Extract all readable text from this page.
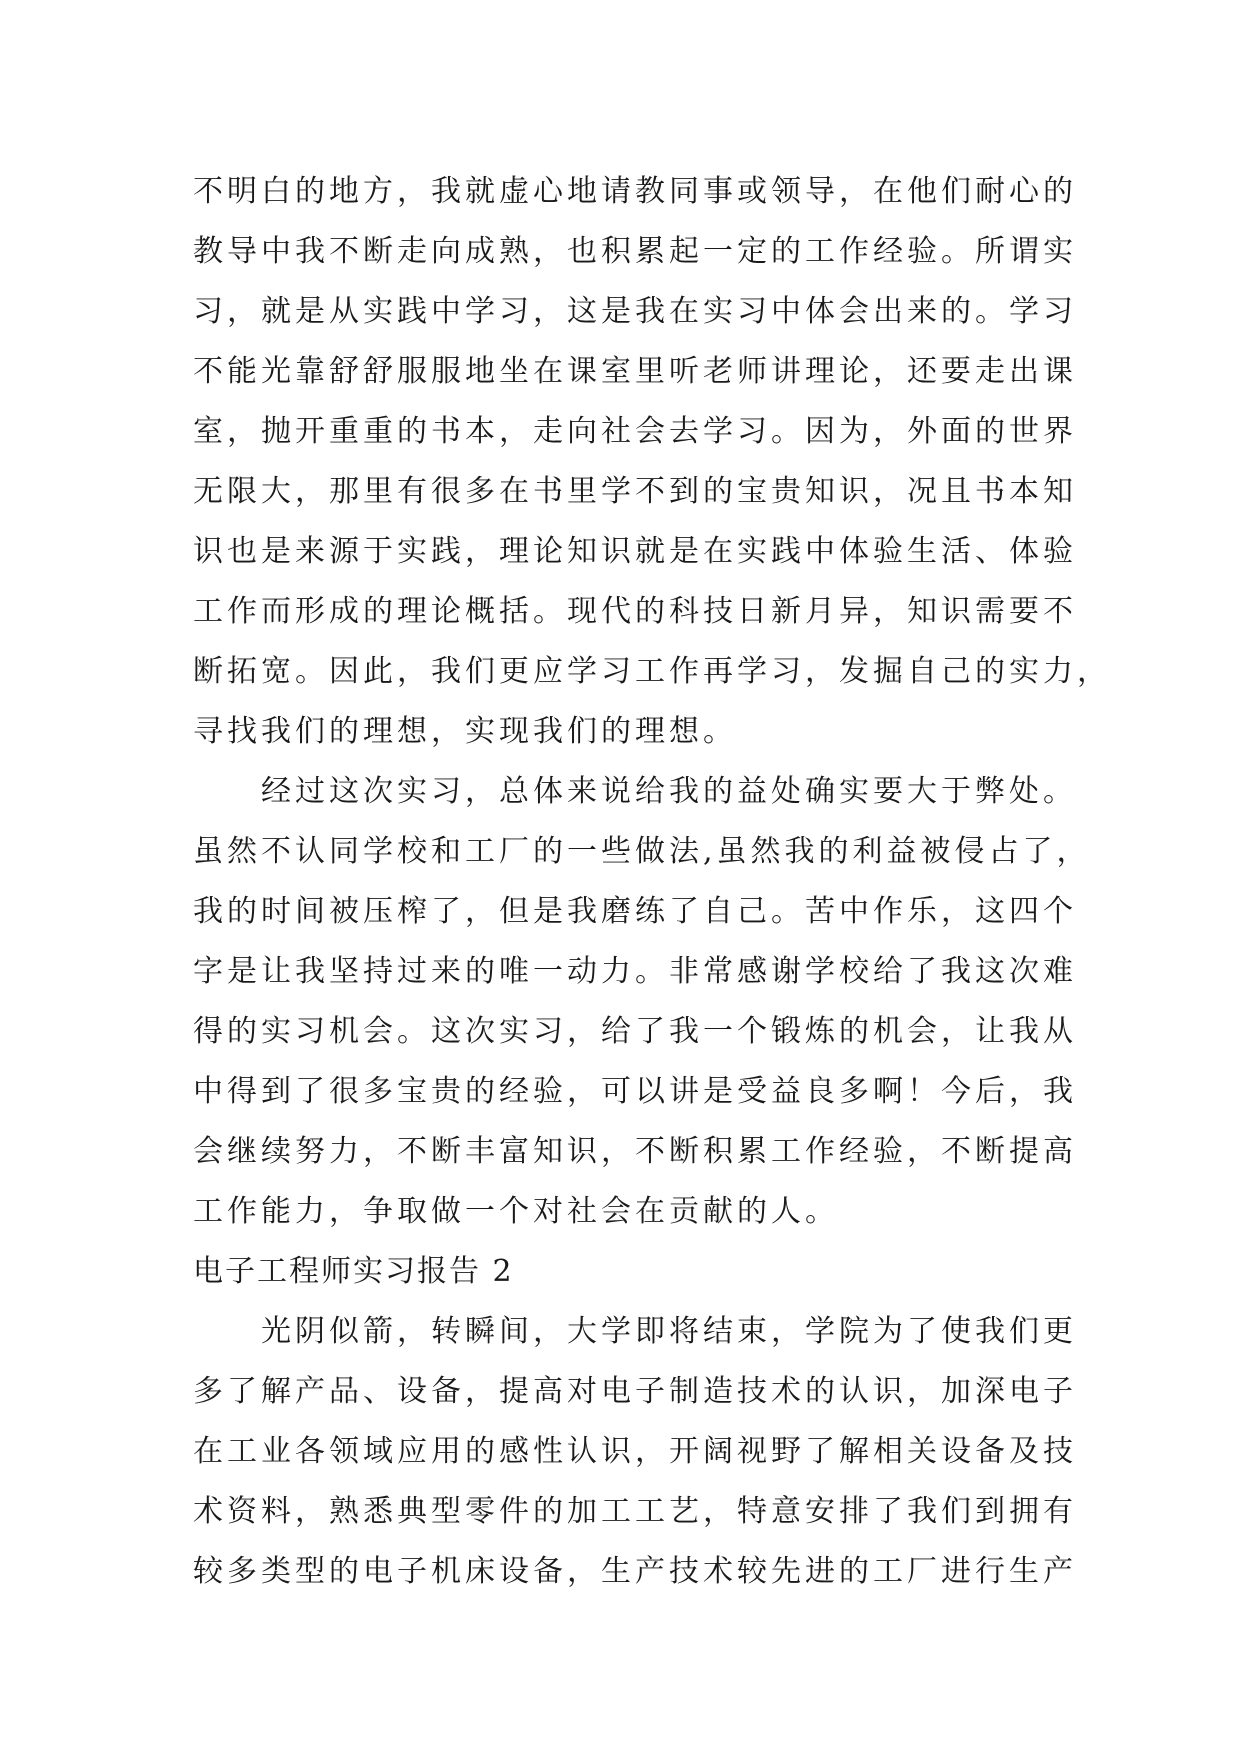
不明白的地方，我就虚心地请教同事或领导，在他们耐心的

教导中我不断走向成熟，也积累起一定的工作经验。所谓实

习，就是从实践中学习，这是我在实习中体会出来的。学习

不能光靠舒舒服服地坐在课室里听老师讲理论，还要走出课

室，抛开重重的书本，走向社会去学习。因为，外面的世界

无限大，那里有很多在书里学不到的宝贵知识，况且书本知

识也是来源于实践，理论知识就是在实践中体验生活、体验

工作而形成的理论概括。现代的科技日新月异，知识需要不

断拓宽。因此，我们更应学习工作再学习，发掘自己的实力，

寻找我们的理想，实现我们的理想。

　　经过这次实习，总体来说给我的益处确实要大于弊处。

虽然不认同学校和工厂的一些做法,虽然我的利益被侵占了，

我的时间被压榨了，但是我磨练了自己。苦中作乐，这四个

字是让我坚持过来的唯一动力。非常感谢学校给了我这次难

得的实习机会。这次实习，给了我一个锻炼的机会，让我从

中得到了很多宝贵的经验，可以讲是受益良多啊！今后，我

会继续努力，不断丰富知识，不断积累工作经验，不断提高

工作能力，争取做一个对社会在贡献的人。

电子工程师实习报告 2

　　光阴似箭，转瞬间，大学即将结束，学院为了使我们更

多了解产品、设备，提高对电子制造技术的认识，加深电子

在工业各领域应用的感性认识，开阔视野了解相关设备及技

术资料，熟悉典型零件的加工工艺，特意安排了我们到拥有

较多类型的电子机床设备，生产技术较先进的工厂进行生产
